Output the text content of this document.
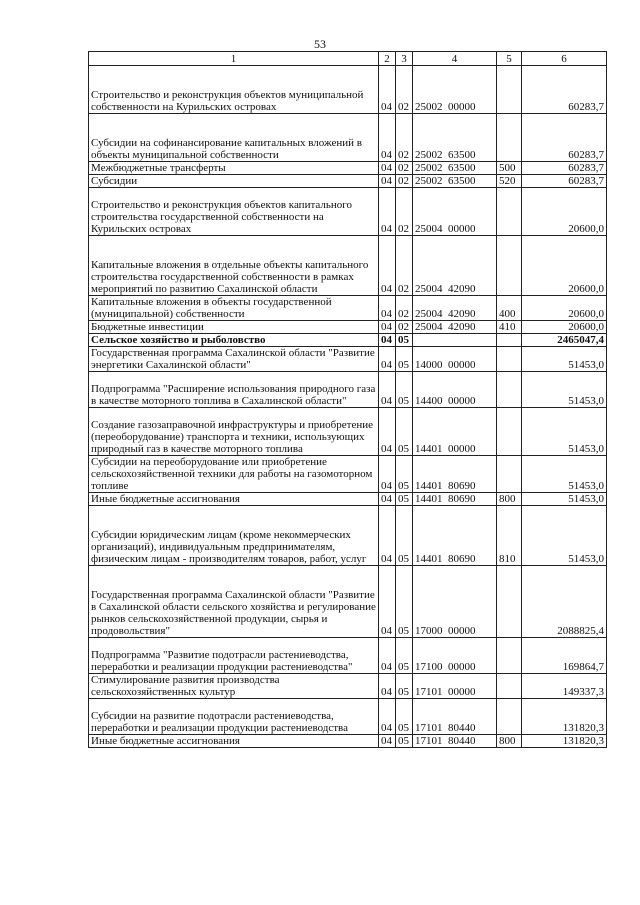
53
1	2	3	4	5	6
Строительство и реконструкция объектов муниципальной собственности на Курильских островах	04	02	25002  00000		60283,7
Субсидии на софинансирование капитальных вложений в объекты муниципальной собственности	04	02	25002  63500		60283,7
Межбюджетные трансферты	04	02	25002  63500	500	60283,7
Субсидии	04	02	25002  63500	520	60283,7
Строительство и реконструкция объектов капитального строительства государственной собственности на Курильских островах	04	02	25004  00000		20600,0
Капитальные вложения в отдельные объекты капитального строительства государственной собственности в рамках мероприятий по развитию Сахалинской области	04	02	25004  42090		20600,0
Капитальные вложения в объекты государственной (муниципальной) собственности	04	02	25004  42090	400	20600,0
Бюджетные инвестиции	04	02	25004  42090	410	20600,0
Сельское хозяйство и рыболовство	04	05			2465047,4
Государственная программа Сахалинской области "Развитие энергетики Сахалинской области"	04	05	14000  00000		51453,0
Подпрограмма "Расширение использования природного газа в качестве моторного топлива в Сахалинской области"	04	05	14400  00000		51453,0
Создание газозаправочной инфраструктуры и приобретение (переоборудование) транспорта и техники, использующих природный газ в качестве моторного топлива	04	05	14401  00000		51453,0
Субсидии на переоборудование или приобретение сельскохозяйственной техники для работы на газомоторном топливе	04	05	14401  80690		51453,0
Иные бюджетные ассигнования	04	05	14401  80690	800	51453,0
Субсидии юридическим лицам (кроме некоммерческих организаций), индивидуальным предпринимателям, физическим лицам - производителям товаров, работ, услуг	04	05	14401  80690	810	51453,0
Государственная программа Сахалинской области "Развитие в Сахалинской области сельского хозяйства и регулирование рынков сельскохозяйственной продукции, сырья и продовольствия"	04	05	17000  00000		2088825,4
Подпрограмма "Развитие подотрасли растениеводства, переработки и реализации продукции растениеводства"	04	05	17100  00000		169864,7
Стимулирование развития производства сельскохозяйственных культур	04	05	17101  00000		149337,3
Субсидии на развитие подотрасли растениеводства, переработки и реализации продукции растениеводства	04	05	17101  80440		131820,3
Иные бюджетные ассигнования	04	05	17101  80440	800	131820,3
